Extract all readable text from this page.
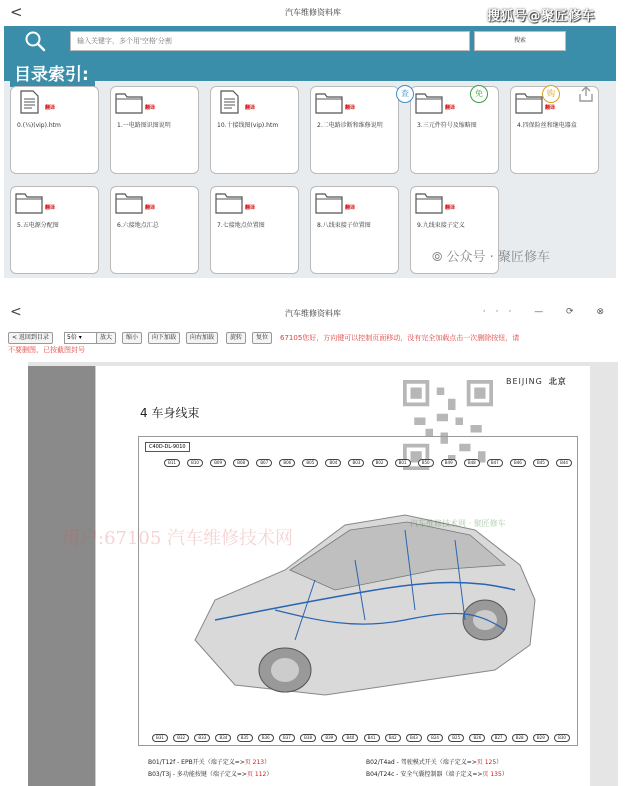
<	汽车维修资料库	搜狐号@聚匠修车
输入关键字，多个用'空格'分割
搜索
目录索引:
翻译
0.(¼)(vip).htm
翻译
1.一电路图识图说明
翻译
10.十接线图(vip).htm
翻译
2.二电路诊断和维修说明
翻译
3.三元件符号及缩略图
翻译
4.四保险丝和继电器盒
翻译
5.五电源分配图
翻译
6.六接地点汇总
翻译
7.七接地点位置图
翻译
8.八线束接子位置图
翻译
9.九线束接子定义
查	免	购
⦾ 公众号 · 聚匠修车
<	汽车维修资料库	··· — ⟳ ⊗
< 返回到目录	5倍 ▾	放大	缩小	向下加载	向右加载	旋转	复位	67105您好，方向键可以控制页面移动，没有完全加载点击一次删除按钮，请
不要删图，已按截图封号
BEIJING 北京
4 车身线束
C40D-DL-9010
用户:67105 汽车维修技术网
汽车维修技术网 · 聚匠修车
B11	B10	B09	B08	B07	B06	B05	B04	B03	B02	B01	B50	B49	B48	B47	B46	B45	B44
B31	B32	B33	B34	B35	B36	B37	B38	B39	B40	B41	B42	B43	B24	B25	B26	B27	B28	B29	B30
B01/T12f - EPB开关（端子定义=>页 213）	B02/T4ad - 驾驶模式开关（端子定义=>页 125）
B03/T3j - 多功能按键（端子定义=>页 112）	B04/T24c - 安全气囊控制器（端子定义=>页 135）
